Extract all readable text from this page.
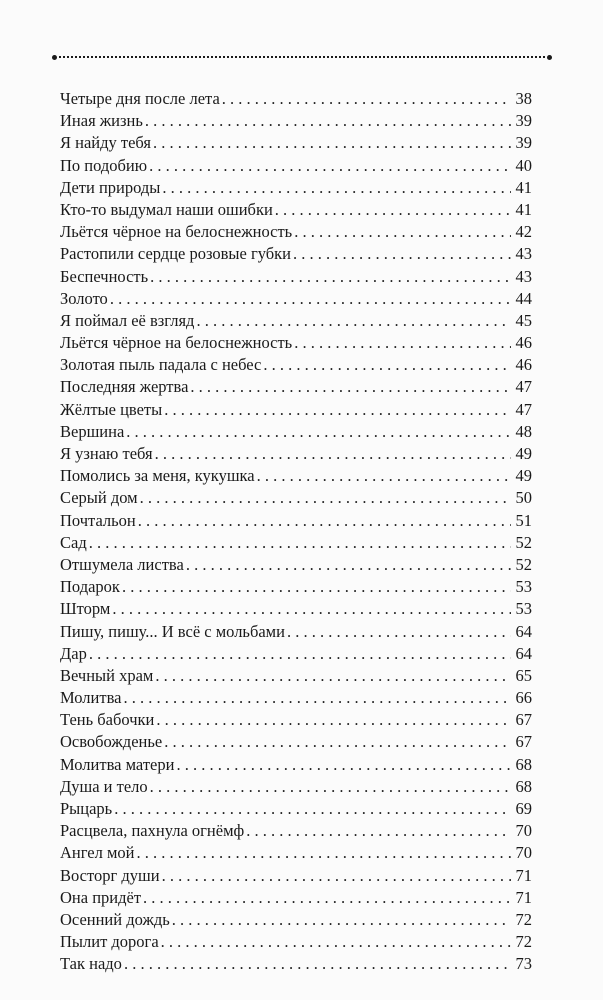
Четыре дня после лета . . .	38
Иная жизнь . . .	39
Я найду тебя . . .	39
По подобию . . .	40
Дети природы . . .	41
Кто-то выдумал наши ошибки . . .	41
Льётся чёрное на белоснежность . . .	42
Растопили сердце розовые губки . . .	43
Беспечность . . .	43
Золото . . .	44
Я поймал её взгляд . . .	45
Льётся чёрное на белоснежность . . .	46
Золотая пыль падала с небес . . .	46
Последняя жертва . . .	47
Жёлтые цветы . . .	47
Вершина . . .	48
Я узнаю тебя . . .	49
Помолись за меня, кукушка . . .	49
Серый дом . . .	50
Почтальон . . .	51
Сад . . .	52
Отшумела листва . . .	52
Подарок . . .	53
Шторм . . .	53
Пишу, пишу... И всё с мольбами . . .	64
Дар . . .	64
Вечный храм . . .	65
Молитва . . .	66
Тень бабочки . . .	67
Освобожденье . . .	67
Молитва матери . . .	68
Душа и тело . . .	68
Рыцарь . . .	69
Расцвела, пахнула огнёмф . . .	70
Ангел мой . . .	70
Восторг души . . .	71
Она придёт . . .	71
Осенний дождь . . .	72
Пылит дорога . . .	72
Так надо . . .	73
